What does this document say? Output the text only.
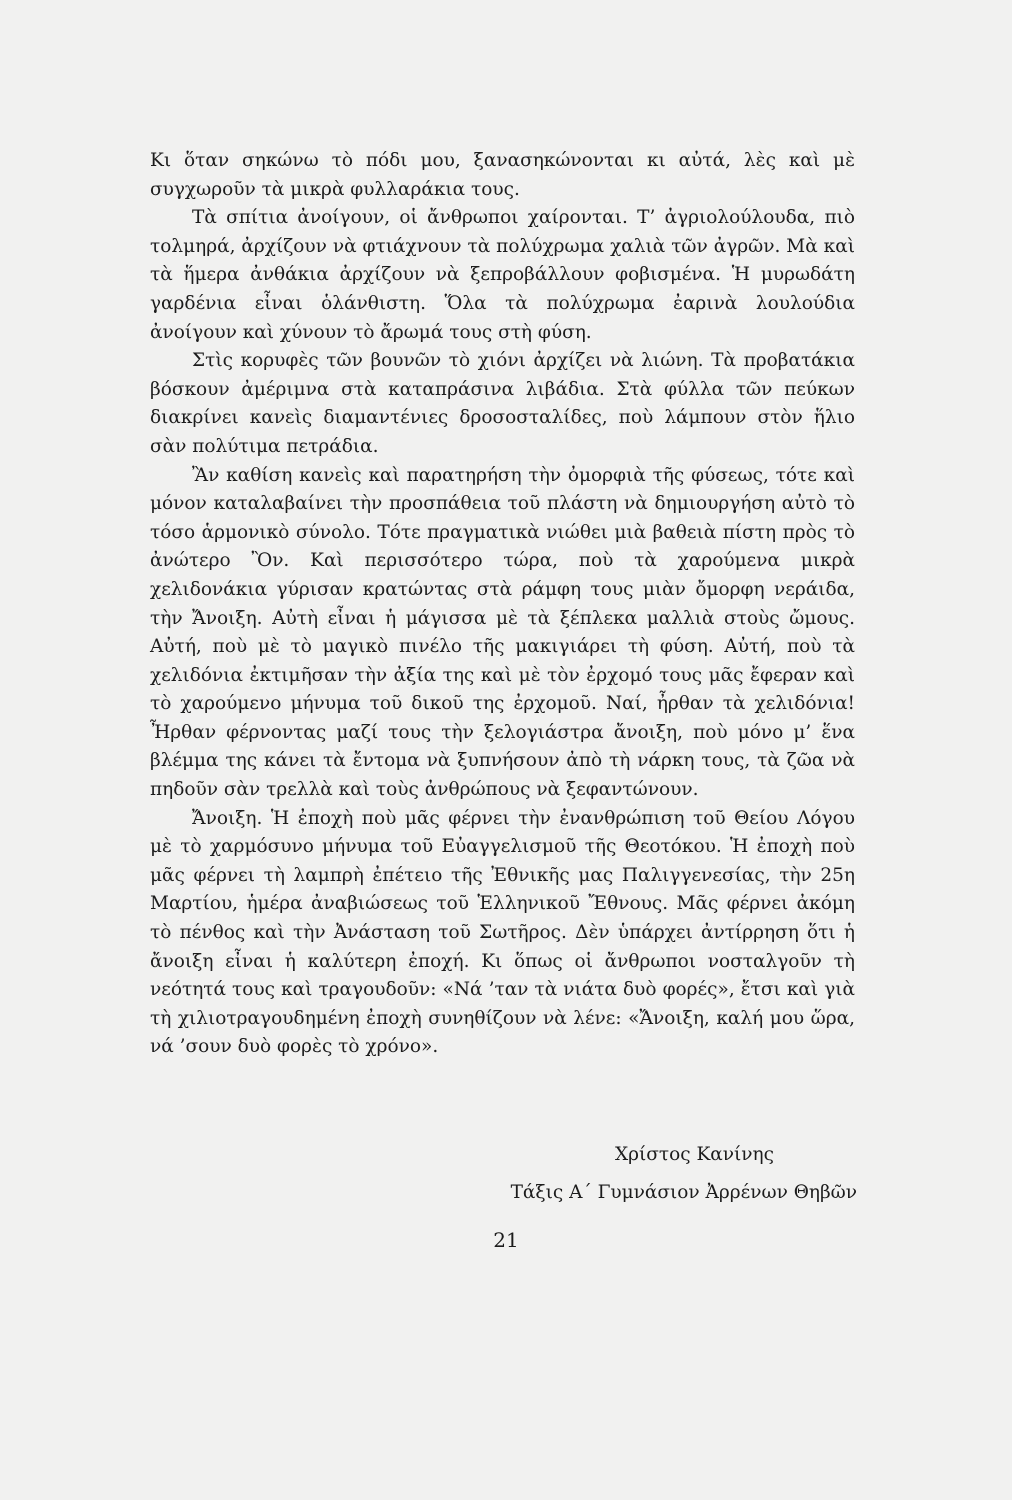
Κι ὅταν σηκώνω τὸ πόδι μου, ξανασηκώνονται κι αὐτά, λὲς καὶ μὲ συγχωροῦν τὰ μικρὰ φυλλαράκια τους.

Τὰ σπίτια ἀνοίγουν, οἱ ἄνθρωποι χαίρονται. Τ’ ἀγριολούλουδα, πιὸ τολμηρά, ἀρχίζουν νὰ φτιάχνουν τὰ πολύχρωμα χαλιὰ τῶν ἀγρῶν. Μὰ καὶ τὰ ἥμερα ἀνθάκια ἀρχίζουν νὰ ξεπροβάλλουν φοβισμένα. Ἡ μυρωδάτη γαρδένια εἶναι ὁλάνθιστη. Ὅλα τὰ πολύχρωμα ἐαρινὰ λουλούδια ἀνοίγουν καὶ χύνουν τὸ ἄρωμά τους στὴ φύση.

Στὶς κορυφὲς τῶν βουνῶν τὸ χιόνι ἀρχίζει νὰ λιώνη. Τὰ προβατάκια βόσκουν ἀμέριμνα στὰ καταπράσινα λιβάδια. Στὰ φύλλα τῶν πεύκων διακρίνει κανεὶς διαμαντένιες δροσοσταλίδες, ποὺ λάμπουν στὸν ἥλιο σὰν πολύτιμα πετράδια.

Ἂν καθίση κανεὶς καὶ παρατηρήση τὴν ὀμορφιὰ τῆς φύσεως, τότε καὶ μόνον καταλαβαίνει τὴν προσπάθεια τοῦ πλάστη νὰ δημιουργήση αὐτὸ τὸ τόσο ἁρμονικὸ σύνολο. Τότε πραγματικὰ νιώθει μιὰ βαθειὰ πίστη πρὸς τὸ ἀνώτερο Ὂν. Καὶ περισσότερο τώρα, ποὺ τὰ χαρούμενα μικρὰ χελιδονάκια γύρισαν κρατώντας στὰ ράμφη τους μιὰν ὄμορφη νεράιδα, τὴν Ἄνοιξη. Αὐτὴ εἶναι ἡ μάγισσα μὲ τὰ ξέπλεκα μαλλιὰ στοὺς ὤμους. Αὐτή, ποὺ μὲ τὸ μαγικὸ πινέλο τῆς μακιγιάρει τὴ φύση. Αὐτή, ποὺ τὰ χελιδόνια ἐκτιμῆσαν τὴν ἀξία της καὶ μὲ τὸν ἐρχομό τους μᾶς ἔφεραν καὶ τὸ χαρούμενο μήνυμα τοῦ δικοῦ της ἐρχομοῦ. Ναί, ἦρθαν τὰ χελιδόνια! Ἦρθαν φέρνοντας μαζί τους τὴν ξελογιάστρα ἄνοιξη, ποὺ μόνο μ’ ἕνα βλέμμα της κάνει τὰ ἔντομα νὰ ξυπνήσουν ἀπὸ τὴ νάρκη τους, τὰ ζῶα νὰ πηδοῦν σὰν τρελλὰ καὶ τοὺς ἀνθρώπους νὰ ξεφαντώνουν.

Ἄνοιξη. Ἡ ἐποχὴ ποὺ μᾶς φέρνει τὴν ἐνανθρώπιση τοῦ Θείου Λόγου μὲ τὸ χαρμόσυνο μήνυμα τοῦ Εὐαγγελισμοῦ τῆς Θεοτόκου. Ἡ ἐποχὴ ποὺ μᾶς φέρνει τὴ λαμπρὴ ἐπέτειο τῆς Ἐθνικῆς μας Παλιγγενεσίας, τὴν 25η Μαρτίου, ἡμέρα ἀναβιώσεως τοῦ Ἑλληνικοῦ Ἔθνους. Μᾶς φέρνει ἀκόμη τὸ πένθος καὶ τὴν Ἀνάσταση τοῦ Σωτῆρος. Δὲν ὑπάρχει ἀντίρρηση ὅτι ἡ ἄνοιξη εἶναι ἡ καλύτερη ἐποχή. Κι ὅπως οἱ ἄνθρωποι νοσταλγοῦν τὴ νεότητά τους καὶ τραγουδοῦν: «Νά ’ταν τὰ νιάτα δυὸ φορές», ἔτσι καὶ γιὰ τὴ χιλιοτραγουδημένη ἐποχὴ συνηθίζουν νὰ λένε: «Ἄνοιξη, καλή μου ὥρα, νά ’σουν δυὸ φορὲς τὸ χρόνο».

Χρίστος Κανίνης
Τάξις Α΄ Γυμνάσιον Ἀρρένων Θηβῶν
21
